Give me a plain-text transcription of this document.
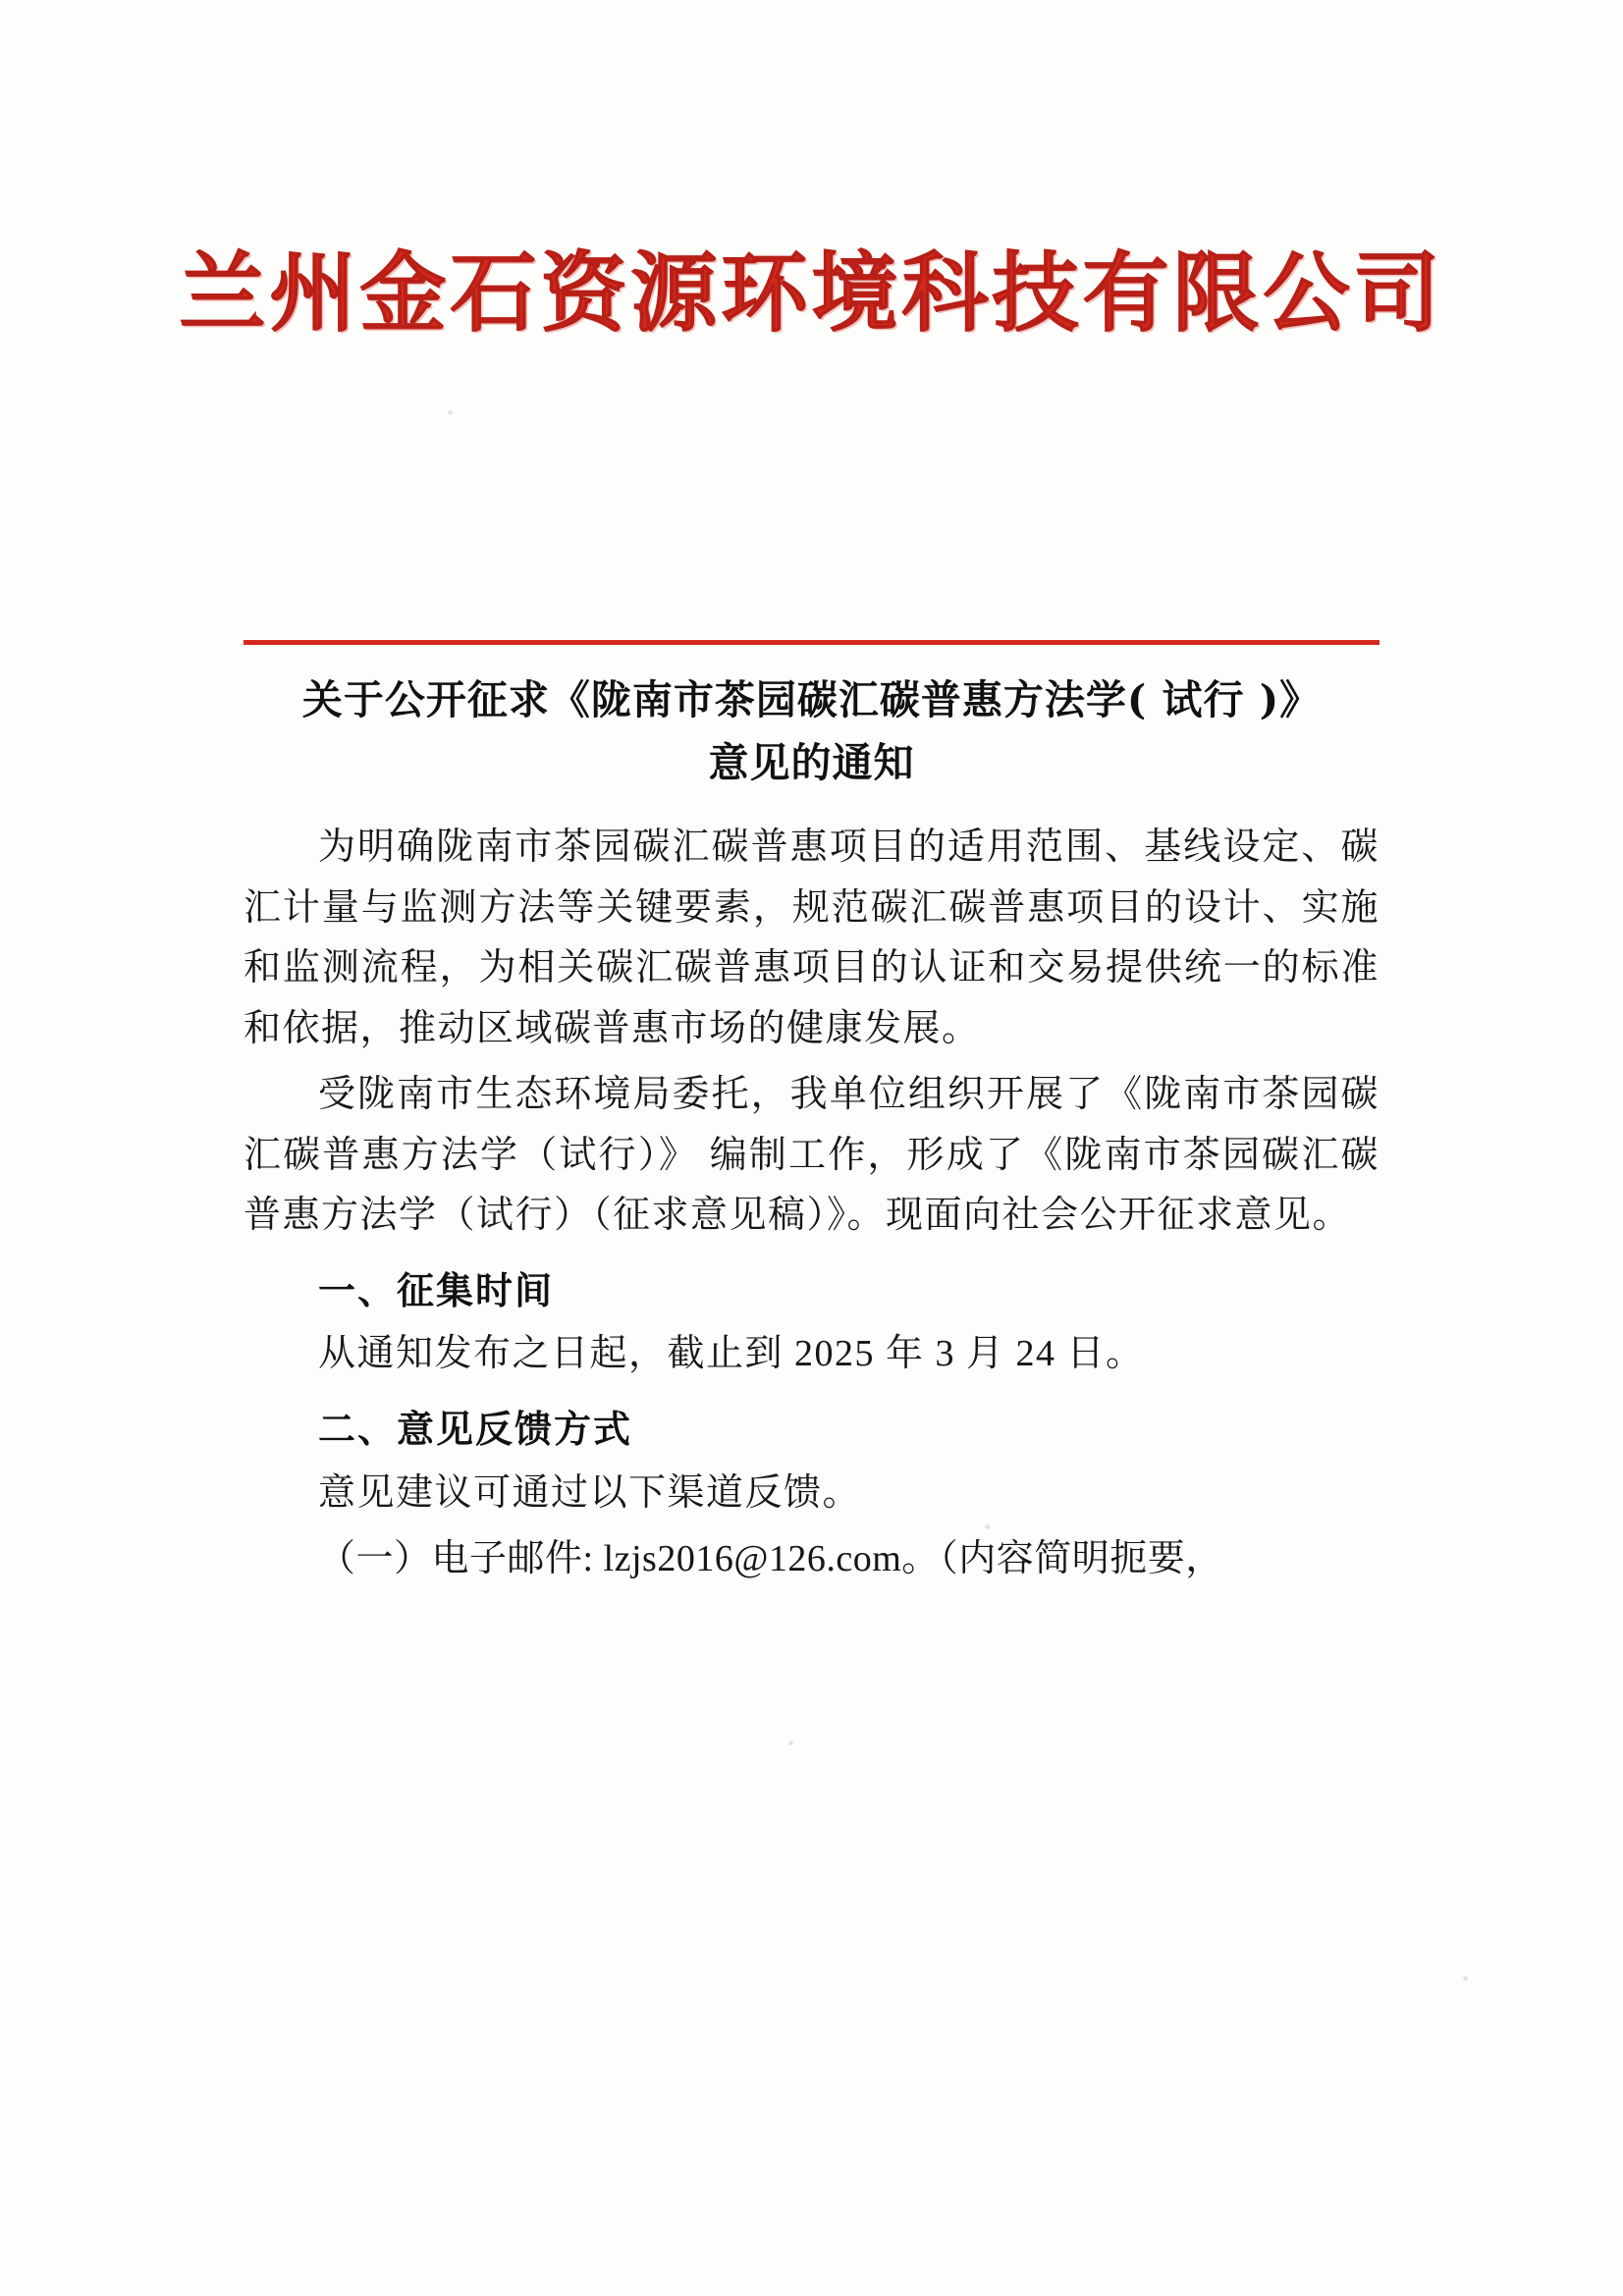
兰州金石资源环境科技有限公司
关于公开征求《陇南市茶园碳汇碳普惠方法学( 试行 )》
意见的通知

为明确陇南市茶园碳汇碳普惠项目的适用范围、基线设定、碳汇计量与监测方法等关键要素，规范碳汇碳普惠项目的设计、实施和监测流程，为相关碳汇碳普惠项目的认证和交易提供统一的标准和依据，推动区域碳普惠市场的健康发展。

受陇南市生态环境局委托，我单位组织开展了《陇南市茶园碳汇碳普惠方法学（试行）》 编制工作，形成了《陇南市茶园碳汇碳普惠方法学（试行）（征求意见稿）》。现面向社会公开征求意见。

一、征集时间

从通知发布之日起，截止到 2025 年 3 月 24 日。

二、意见反馈方式

意见建议可通过以下渠道反馈。

（一）电子邮件: lzjs2016@126.com。（内容简明扼要，
